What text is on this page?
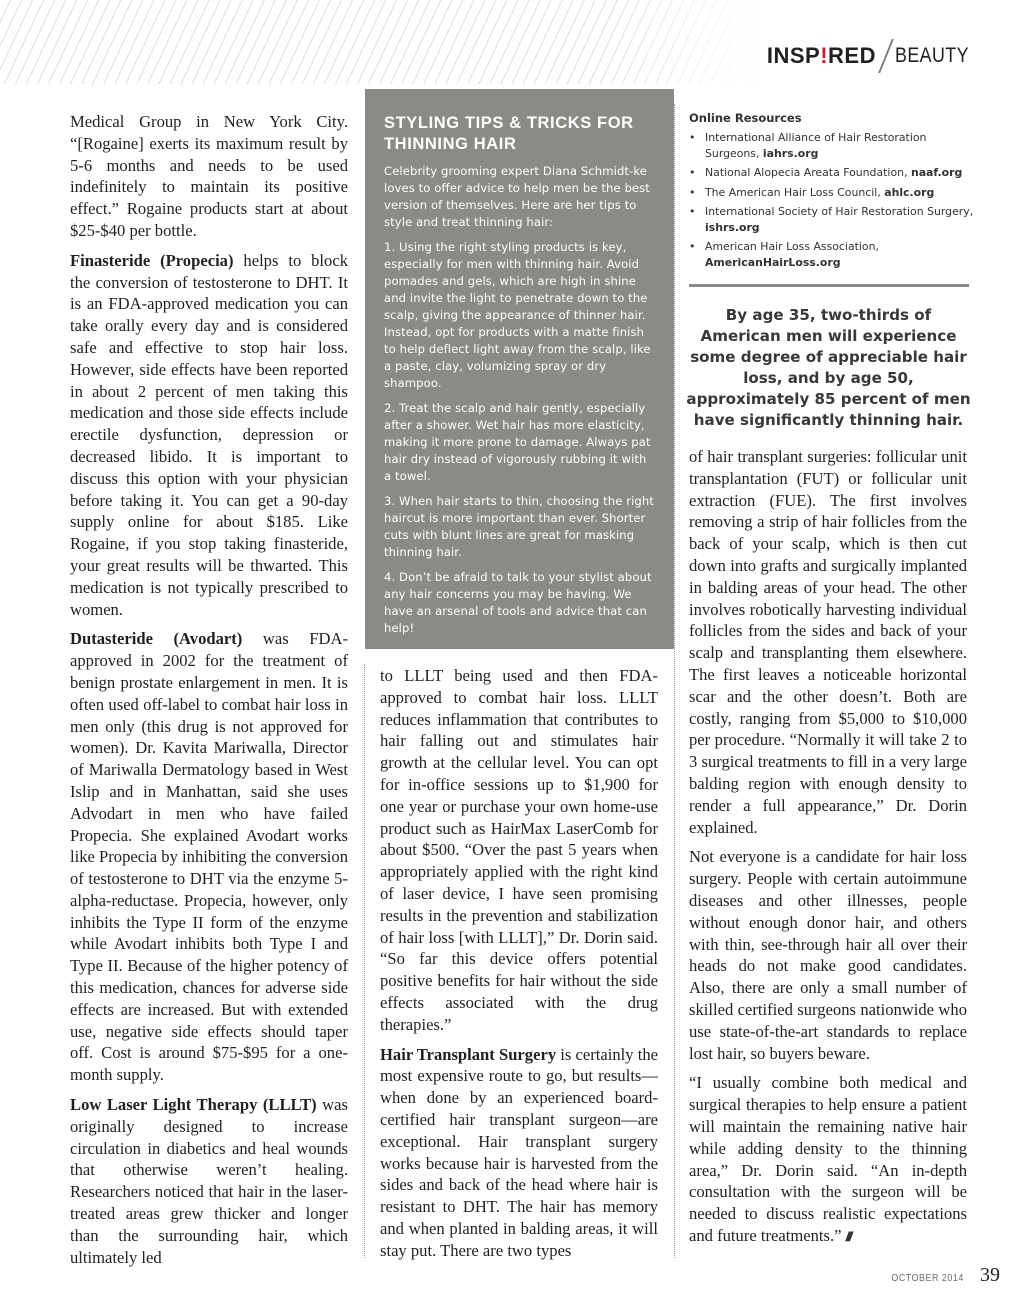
INSP!RED BEAUTY

Medical Group in New York City. “[Rogaine] exerts its maximum result by 5-6 months and needs to be used indefinitely to maintain its positive effect.” Rogaine products start at about $25-$40 per bottle.

Finasteride (Propecia) helps to block the conversion of testosterone to DHT. It is an FDA-approved medication you can take orally every day and is considered safe and effective to stop hair loss. However, side effects have been reported in about 2 percent of men taking this medication and those side effects include erectile dysfunction, depression or decreased libido. It is important to discuss this option with your physician before taking it. You can get a 90-day supply online for about $185. Like Rogaine, if you stop taking finasteride, your great results will be thwarted. This medication is not typically prescribed to women.

Dutasteride (Avodart) was FDA-approved in 2002 for the treatment of benign prostate enlargement in men. It is often used off-label to combat hair loss in men only (this drug is not approved for women). Dr. Kavita Mariwalla, Director of Mariwalla Dermatology based in West Islip and in Manhattan, said she uses Advodart in men who have failed Propecia. She explained Avodart works like Propecia by inhibiting the conversion of testosterone to DHT via the enzyme 5-alpha-reductase. Propecia, however, only inhibits the Type II form of the enzyme while Avodart inhibits both Type I and Type II. Because of the higher potency of this medication, chances for adverse side effects are increased. But with extended use, negative side effects should taper off. Cost is around $75-$95 for a one-month supply.

Low Laser Light Therapy (LLLT) was originally designed to increase circulation in diabetics and heal wounds that otherwise weren’t healing. Researchers noticed that hair in the laser-treated areas grew thicker and longer than the surrounding hair, which ultimately led

STYLING TIPS & TRICKS FOR THINNING HAIR

Celebrity grooming expert Diana Schmidt-ke loves to offer advice to help men be the best version of themselves. Here are her tips to style and treat thinning hair:

1. Using the right styling products is key, especially for men with thinning hair. Avoid pomades and gels, which are high in shine and invite the light to penetrate down to the scalp, giving the appearance of thinner hair. Instead, opt for products with a matte finish to help deflect light away from the scalp, like a paste, clay, volumizing spray or dry shampoo.

2. Treat the scalp and hair gently, especially after a shower. Wet hair has more elasticity, making it more prone to damage. Always pat hair dry instead of vigorously rubbing it with a towel.

3. When hair starts to thin, choosing the right haircut is more important than ever. Shorter cuts with blunt lines are great for masking thinning hair.

4. Don’t be afraid to talk to your stylist about any hair concerns you may be having. We have an arsenal of tools and advice that can help!

to LLLT being used and then FDA-approved to combat hair loss. LLLT reduces inflammation that contributes to hair falling out and stimulates hair growth at the cellular level. You can opt for in-office sessions up to $1,900 for one year or purchase your own home-use product such as HairMax LaserComb for about $500. “Over the past 5 years when appropriately applied with the right kind of laser device, I have seen promising results in the prevention and stabilization of hair loss [with LLLT],” Dr. Dorin said. “So far this device offers potential positive benefits for hair without the side effects associated with the drug therapies.”

Hair Transplant Surgery is certainly the most expensive route to go, but results—when done by an experienced board-certified hair transplant surgeon—are exceptional. Hair transplant surgery works because hair is harvested from the sides and back of the head where hair is resistant to DHT. The hair has memory and when planted in balding areas, it will stay put. There are two types

Online Resources
• International Alliance of Hair Restoration Surgeons, iahrs.org
• National Alopecia Areata Foundation, naaf.org
• The American Hair Loss Council, ahlc.org
• International Society of Hair Restoration Surgery, ishrs.org
• American Hair Loss Association, AmericanHairLoss.org
By age 35, two-thirds of American men will experience some degree of appreciable hair loss, and by age 50, approximately 85 percent of men have significantly thinning hair.

of hair transplant surgeries: follicular unit transplantation (FUT) or follicular unit extraction (FUE). The first involves removing a strip of hair follicles from the back of your scalp, which is then cut down into grafts and surgically implanted in balding areas of your head. The other involves robotically harvesting individual follicles from the sides and back of your scalp and transplanting them elsewhere. The first leaves a noticeable horizontal scar and the other doesn’t. Both are costly, ranging from $5,000 to $10,000 per procedure. “Normally it will take 2 to 3 surgical treatments to fill in a very large balding region with enough density to render a full appearance,” Dr. Dorin explained.

Not everyone is a candidate for hair loss surgery. People with certain autoimmune diseases and other illnesses, people without enough donor hair, and others with thin, see-through hair all over their heads do not make good candidates. Also, there are only a small number of skilled certified surgeons nationwide who use state-of-the-art standards to replace lost hair, so buyers beware.

“I usually combine both medical and surgical therapies to help ensure a patient will maintain the remaining native hair while adding density to the thinning area,” Dr. Dorin said. “An in-depth consultation with the surgeon will be needed to discuss realistic expectations and future treatments.” ///

OCTOBER 2014 39
